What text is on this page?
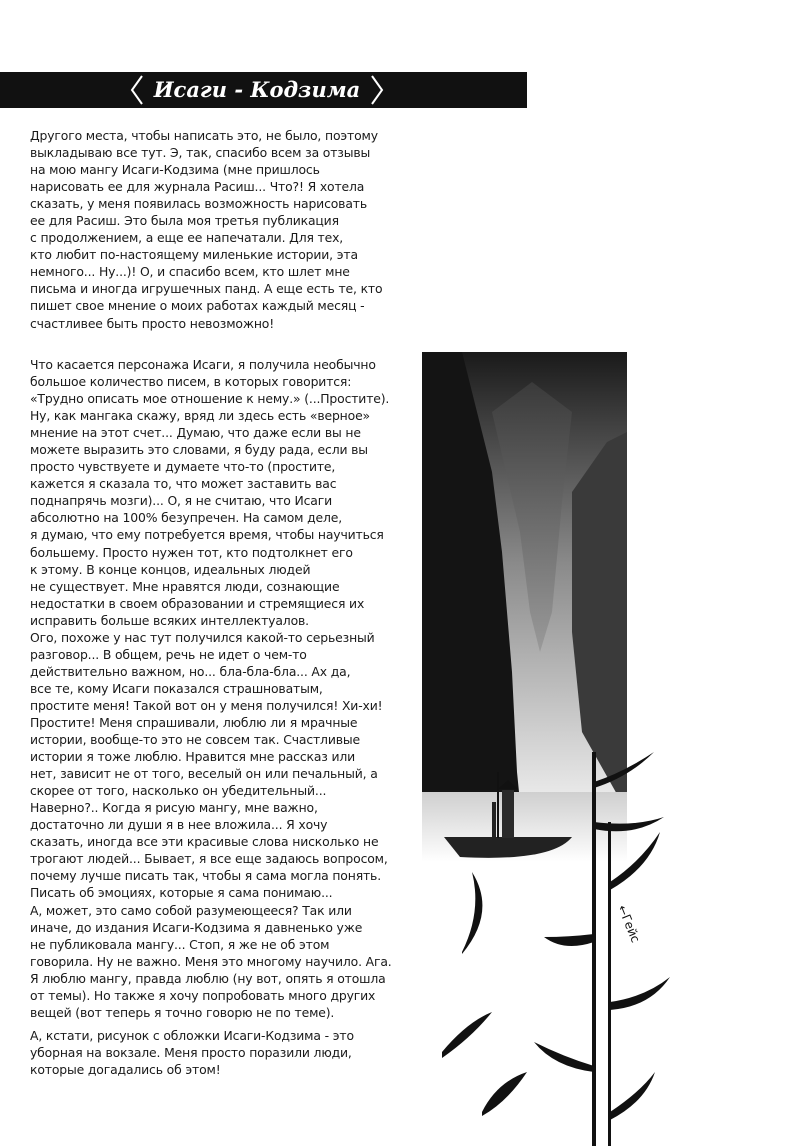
Исаги - Кодзима

Другого места, чтобы написать это, не было, поэтому
выкладываю все тут. Э, так, спасибо всем за отзывы
на мою мангу Исаги-Кодзима (мне пришлось
нарисовать ее для журнала Расиш... Что?! Я хотела
сказать, у меня появилась возможность нарисовать
ее для Расиш. Это была моя третья публикация
с продолжением, а еще ее напечатали. Для тех,
кто любит по-настоящему миленькие истории, эта
немного... Ну...)! О, и спасибо всем, кто шлет мне
письма и иногда игрушечных панд. А еще есть те, кто
пишет свое мнение о моих работах каждый месяц -
счастливее быть просто невозможно!

Что касается персонажа Исаги, я получила необычно
большое количество писем, в которых говорится:
«Трудно описать мое отношение к нему.» (...Простите).
Ну, как мангака скажу, вряд ли здесь есть «верное»
мнение на этот счет... Думаю, что даже если вы не
можете выразить это словами, я буду рада, если вы
просто чувствуете и думаете что-то (простите,
кажется я сказала то, что может заставить вас
поднапрячь мозги)... О, я не считаю, что Исаги
абсолютно на 100% безупречен. На самом деле,
я думаю, что ему потребуется время, чтобы научиться
большему. Просто нужен тот, кто подтолкнет его
к этому. В конце концов, идеальных людей
не существует. Мне нравятся люди, сознающие
недостатки в своем образовании и стремящиеся их
исправить больше всяких интеллектуалов.
Ого, похоже у нас тут получился какой-то серьезный
разговор... В общем, речь не идет о чем-то
действительно важном, но... бла-бла-бла... Ах да,
все те, кому Исаги показался страшноватым,
простите меня! Такой вот он у меня получился! Хи-хи!
Простите! Меня спрашивали, люблю ли я мрачные
истории, вообще-то это не совсем так. Счастливые
истории я тоже люблю. Нравится мне рассказ или
нет, зависит не от того, веселый он или печальный, а
скорее от того, насколько он убедительный...
Наверно?.. Когда я рисую мангу, мне важно,
достаточно ли души я в нее вложила... Я хочу
сказать, иногда все эти красивые слова нисколько не
трогают людей... Бывает, я все еще задаюсь вопросом,
почему лучше писать так, чтобы я сама могла понять.
Писать об эмоциях, которые я сама понимаю...
А, может, это само собой разумеющееся? Так или
иначе, до издания Исаги-Кодзима я давненько уже
не публиковала мангу... Стоп, я же не об этом
говорила. Ну не важно. Меня это многому научило. Ага.
Я люблю мангу, правда люблю (ну вот, опять я отошла
от темы). Но также я хочу попробовать много других
вещей (вот теперь я точно говорю не по теме).

А, кстати, рисунок с обложки Исаги-Кодзима - это
уборная на вокзале. Меня просто поразили люди,
которые догадались об этом!

←Гейс
